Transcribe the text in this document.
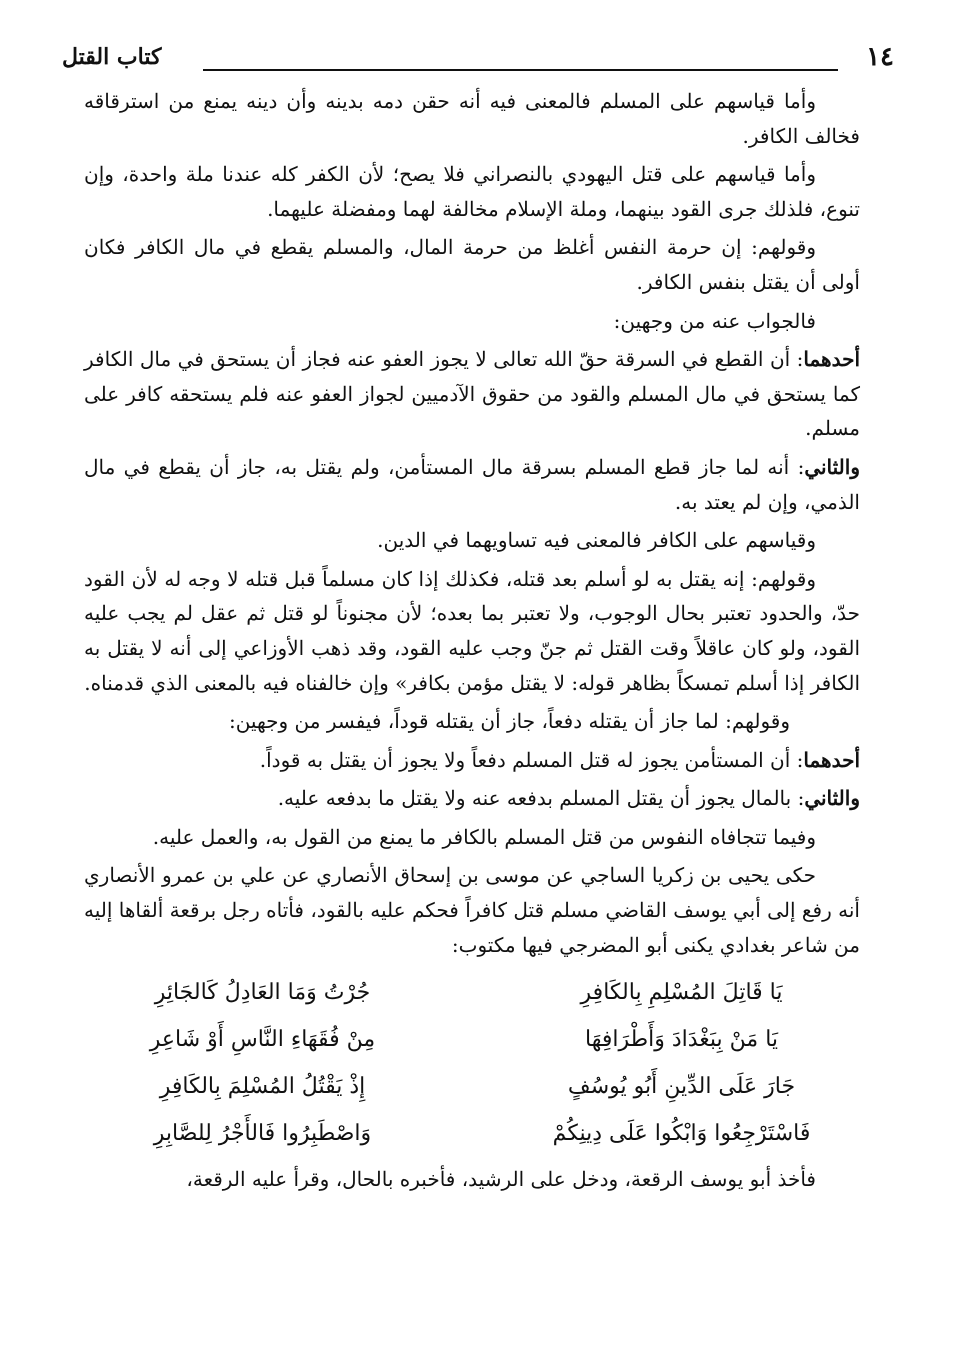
١٤
كتاب القتل

وأما قياسهم على المسلم فالمعنى فيه أنه حقن دمه بدينه وأن دينه يمنع من استرقاقه فخالف الكافر.

وأما قياسهم على قتل اليهودي بالنصراني فلا يصح؛ لأن الكفر كله عندنا ملة واحدة، وإن تنوع، فلذلك جرى القود بينهما، وملة الإسلام مخالفة لهما ومفضلة عليهما.

وقولهم: إن حرمة النفس أغلظ من حرمة المال، والمسلم يقطع في مال الكافر فكان أولى أن يقتل بنفس الكافر.

فالجواب عنه من وجهين:

أحدهما: أن القطع في السرقة حقّ الله تعالى لا يجوز العفو عنه فجاز أن يستحق في مال الكافر كما يستحق في مال المسلم والقود من حقوق الآدميين لجواز العفو عنه فلم يستحقه كافر على مسلم.

والثاني: أنه لما جاز قطع المسلم بسرقة مال المستأمن، ولم يقتل به، جاز أن يقطع في مال الذمي، وإن لم يعتد به.

وقياسهم على الكافر فالمعنى فيه تساويهما في الدين.

وقولهم: إنه يقتل به لو أسلم بعد قتله، فكذلك إذا كان مسلماً قبل قتله لا وجه له لأن القود حدّ، والحدود تعتبر بحال الوجوب، ولا تعتبر بما بعده؛ لأن مجنوناً لو قتل ثم عقل لم يجب عليه القود، ولو كان عاقلاً وقت القتل ثم جنّ وجب عليه القود، وقد ذهب الأوزاعي إلى أنه لا يقتل به الكافر إذا أسلم تمسكاً بظاهر قوله: لا يقتل مؤمن بكافر» وإن خالفناه فيه بالمعنى الذي قدمناه.

وقولهم: لما جاز أن يقتله دفعاً، جاز أن يقتله قوداً، فيفسر من وجهين:

أحدهما: أن المستأمن يجوز له قتل المسلم دفعاً ولا يجوز أن يقتل به قوداً.

والثاني: بالمال يجوز أن يقتل المسلم بدفعه عنه ولا يقتل ما بدفعه عليه.

وفيما تتجافاه النفوس من قتل المسلم بالكافر ما يمنع من القول به، والعمل عليه.

حكى يحيى بن زكريا الساجي عن موسى بن إسحاق الأنصاري عن علي بن عمرو الأنصاري أنه رفع إلى أبي يوسف القاضي مسلم قتل كافراً فحكم عليه بالقود، فأتاه رجل برقعة ألقاها إليه من شاعر بغدادي يكنى أبو المضرجي فيها مكتوب:

يَا قَاتِلَ المُسْلِمِ بِالكَافِرِ
جُرْتُ وَمَا العَادِلُ كَالجَائِرِ
يَا مَنْ بِبَغْدَادَ وَأَطْرَافِهَا
مِنْ فُقَهَاءِ النَّاسِ أَوْ شَاعِرِ
جَارَ عَلَى الدِّينِ أَبُو يُوسُفٍ
إِذْ يَقْتُلُ المُسْلِمَ بِالكَافِرِ
فَاسْتَرْجِعُوا وَابْكُوا عَلَى دِينِكُمْ
وَاصْطَبِرُوا فَالأَجْرُ لِلصَّابِرِ

فأخذ أبو يوسف الرقعة، ودخل على الرشيد، فأخبره بالحال، وقرأ عليه الرقعة،
